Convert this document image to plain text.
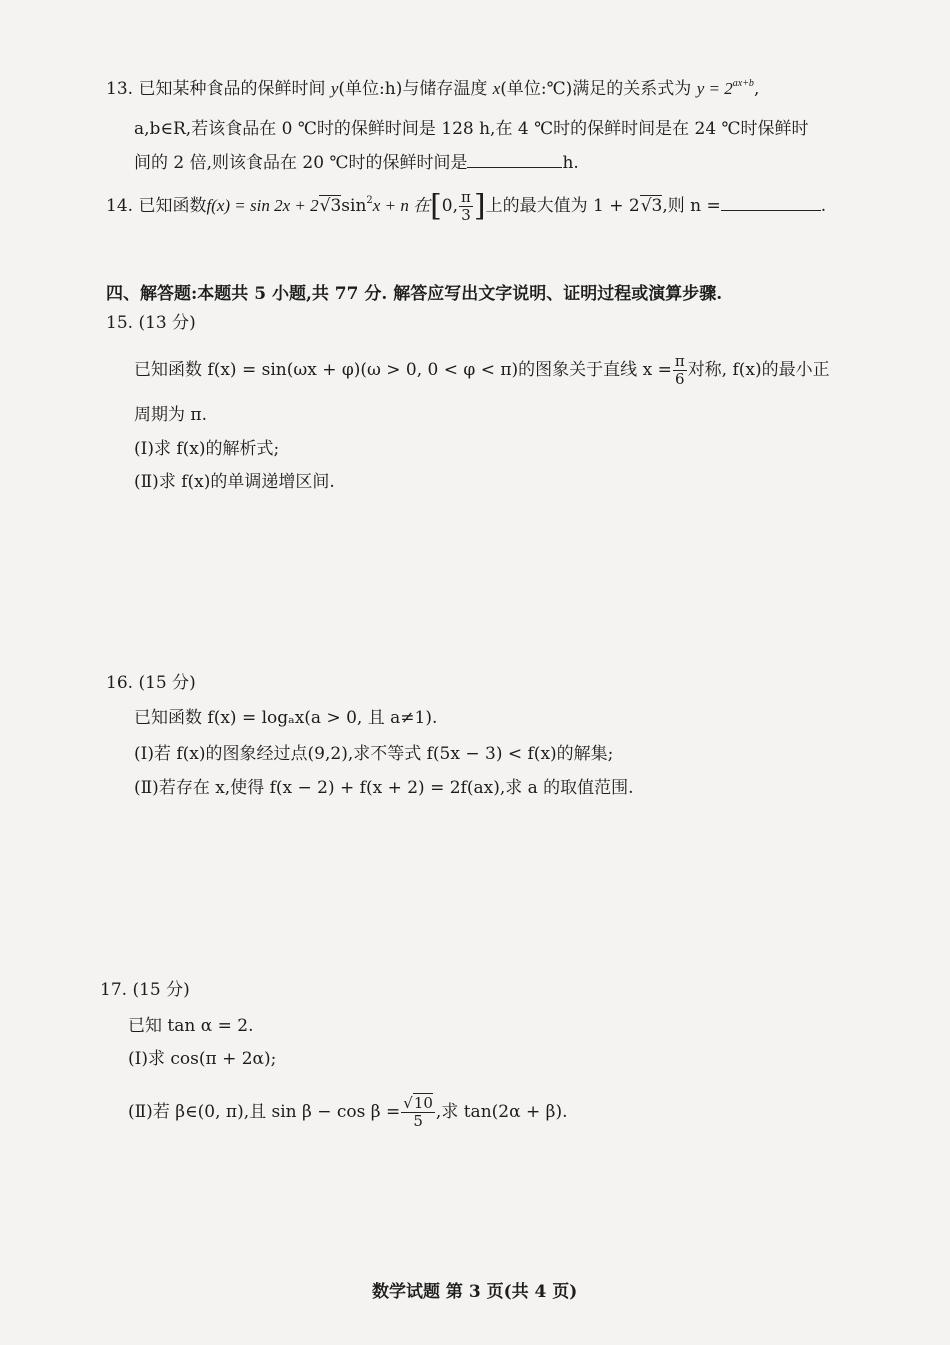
13. 已知某种食品的保鲜时间 y(单位:h)与储存温度 x(单位:℃)满足的关系式为 $y = 2^{ax+b}$,
a,b∈R,若该食品在 0 ℃时的保鲜时间是 128 h,在 4 ℃时的保鲜时间是在 24 ℃时保鲜时
间的 2 倍,则该食品在 20 ℃时的保鲜时间是	h.
14. 已知函数$f(x) = \sin 2x + 2√3\sin^2x + n$ 在[0, $\frac{\pi}{3}$ ]上的最大值为 1 + 2√3,则 n =	.
四、解答题:本题共 5 小题,共 77 分. 解答应写出文字说明、证明过程或演算步骤.
15. (13 分)
已知函数 f(x) = sin(ωx + φ)(ω > 0, 0 < φ < π)的图象关于直线 $x = \frac{\pi}{6}$ 对称, f(x)的最小正
周期为 π.
(Ⅰ)求 f(x)的解析式;
(Ⅱ)求 f(x)的单调递增区间.
16. (15 分)
已知函数 f(x) = logₐx(a > 0, 且 a≠1).
(Ⅰ)若 f(x)的图象经过点(9,2),求不等式 f(5x − 3) < f(x)的解集;
(Ⅱ)若存在 x,使得 f(x − 2) + f(x + 2) = 2f(ax),求 a 的取值范围.
17. (15 分)
已知 tan α = 2.
(Ⅰ)求 cos(π + 2α);
(Ⅱ)若 β∈(0, π),且 $\sin \beta - \cos \beta = \frac{√10}{5}$ ,求 tan(2α + β).
数学试题 第 3 页(共 4 页)
